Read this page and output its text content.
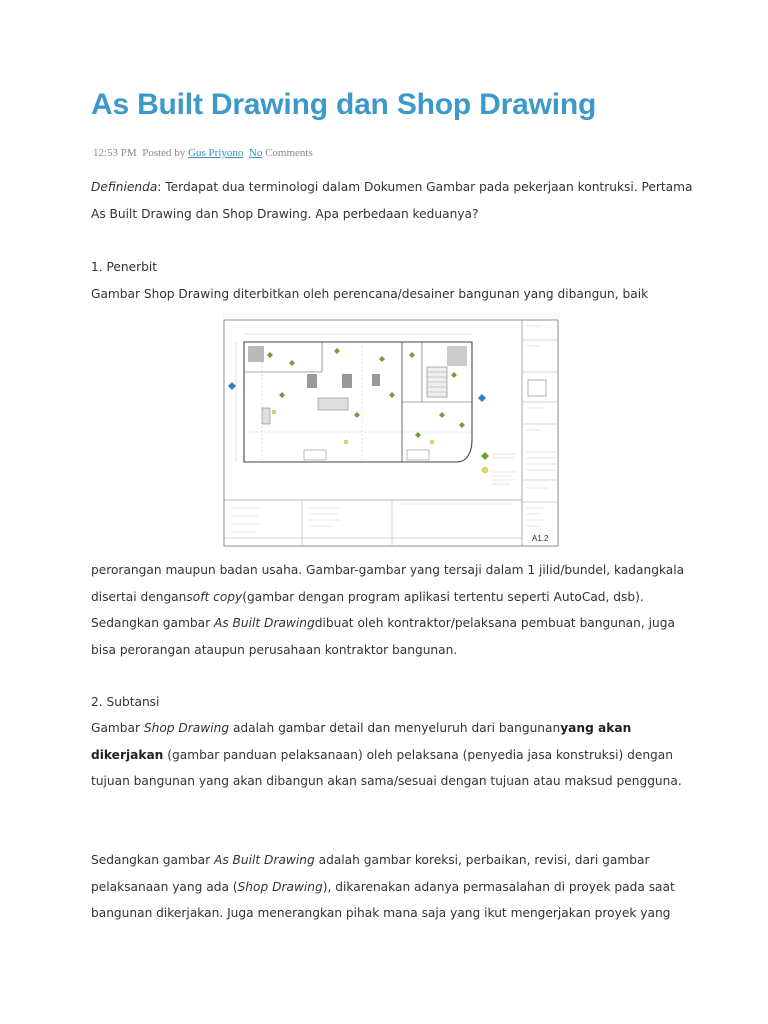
As Built Drawing dan Shop Drawing
12:53 PM Posted by Gus Priyono No Comments
Definienda: Terdapat dua terminologi dalam Dokumen Gambar pada pekerjaan kontruksi. Pertama
As Built Drawing dan Shop Drawing. Apa perbedaan keduanya?
1. Penerbit
Gambar Shop Drawing diterbitkan oleh perencana/desainer bangunan yang dibangun, baik
A1.2
perorangan maupun badan usaha. Gambar-gambar yang tersaji dalam 1 jilid/bundel, kadangkala
disertai dengansoft copy(gambar dengan program aplikasi tertentu seperti AutoCad, dsb).
Sedangkan gambar As Built Drawingdibuat oleh kontraktor/pelaksana pembuat bangunan, juga
bisa perorangan ataupun perusahaan kontraktor bangunan.
2. Subtansi
Gambar Shop Drawing adalah gambar detail dan menyeluruh dari bangunanyang akan
dikerjakan (gambar panduan pelaksanaan) oleh pelaksana (penyedia jasa konstruksi) dengan
tujuan bangunan yang akan dibangun akan sama/sesuai dengan tujuan atau maksud pengguna.
Sedangkan gambar As Built Drawing adalah gambar koreksi, perbaikan, revisi, dari gambar
pelaksanaan yang ada (Shop Drawing), dikarenakan adanya permasalahan di proyek pada saat
bangunan dikerjakan. Juga menerangkan pihak mana saja yang ikut mengerjakan proyek yang
